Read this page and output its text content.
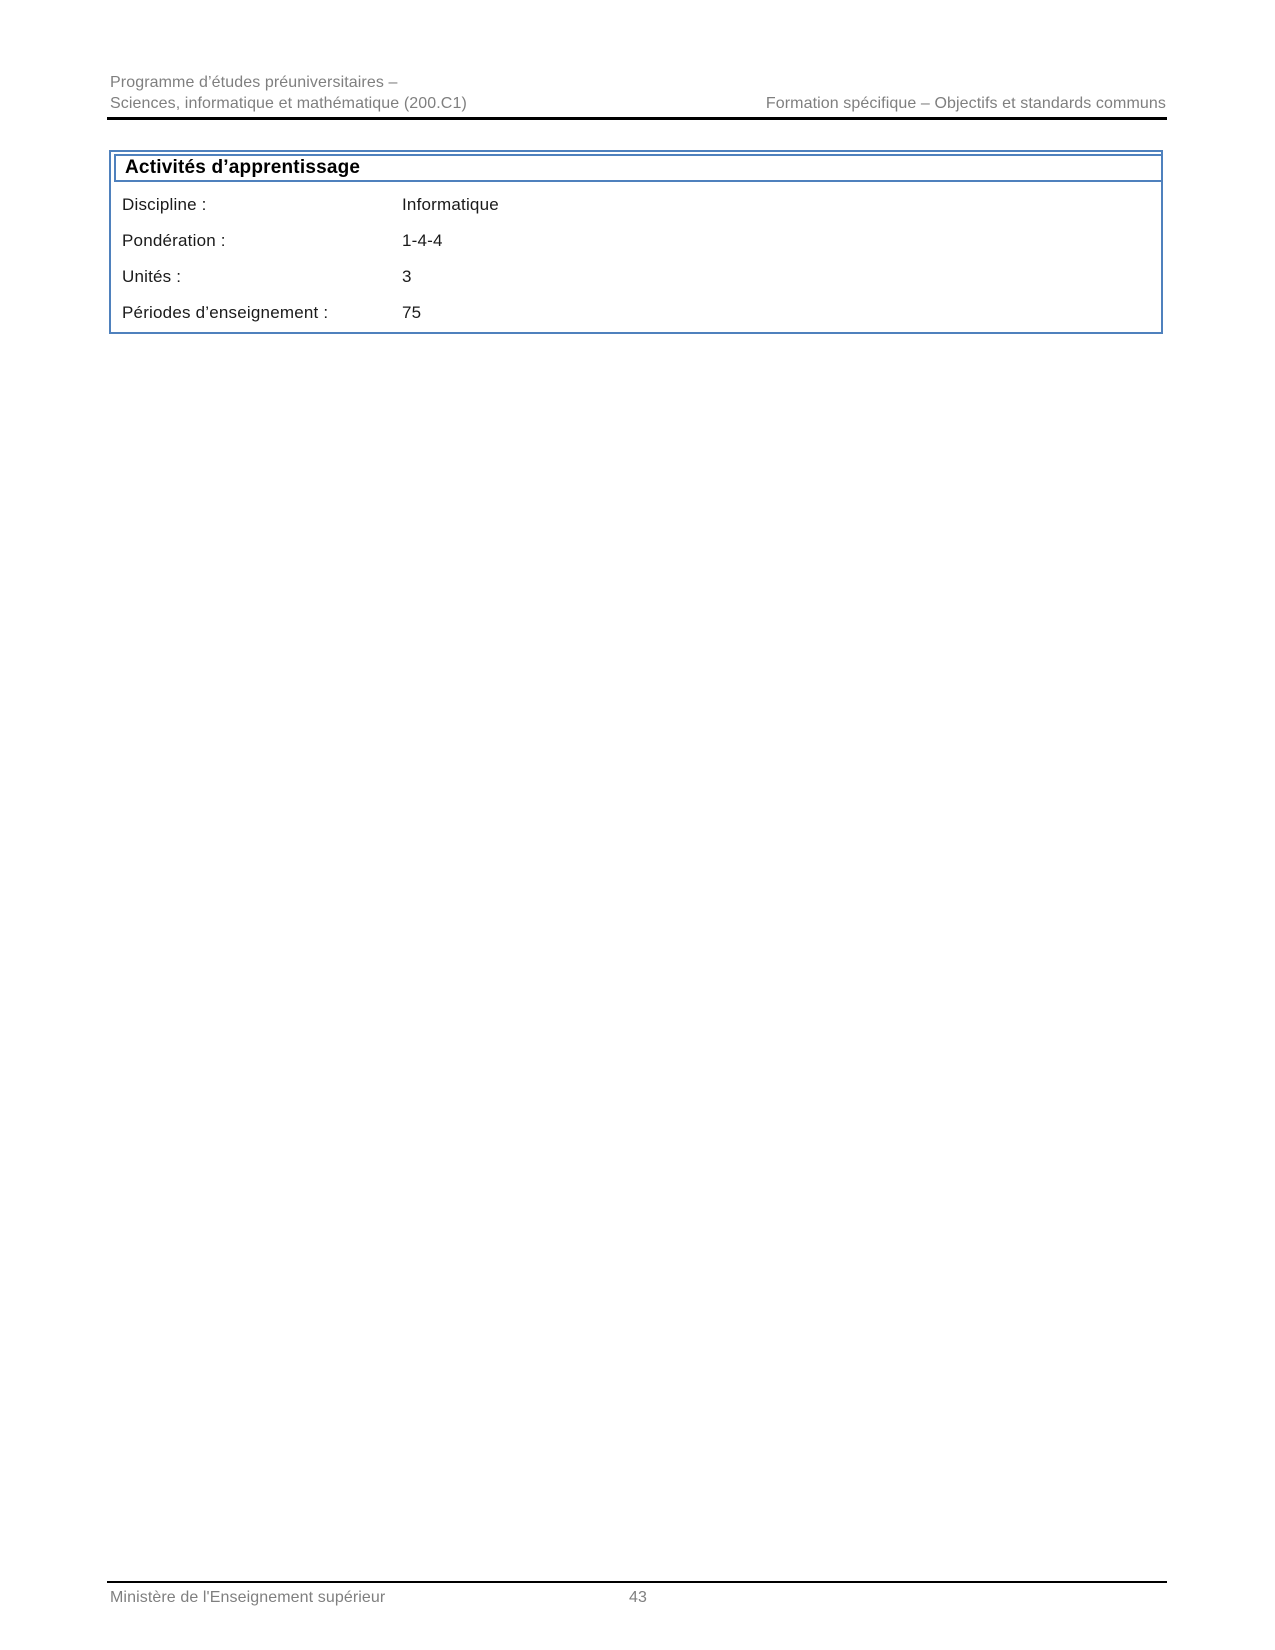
Programme d’études préuniversitaires –
Sciences, informatique et mathématique (200.C1)	Formation spécifique – Objectifs et standards communs
Activités d’apprentissage
Discipline :	Informatique
Pondération :	1-4-4
Unités :	3
Périodes d’enseignement :	75
Ministère de l'Enseignement supérieur	43
